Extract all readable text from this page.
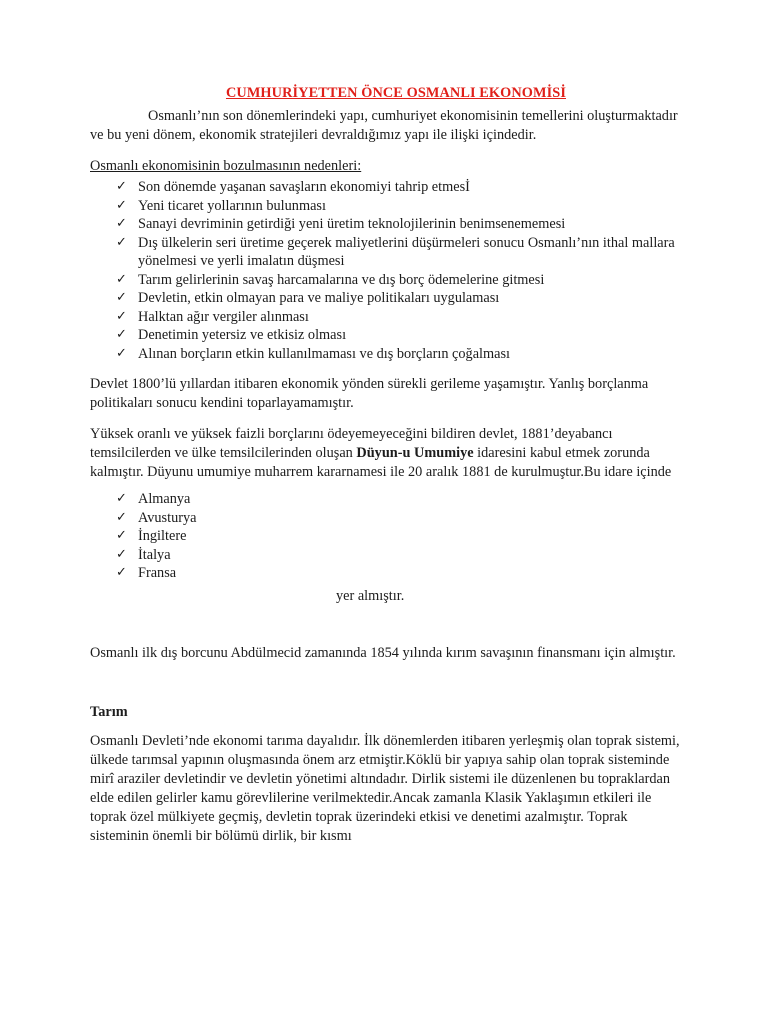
CUMHURİYETTEN ÖNCE OSMANLI EKONOMİSİ

Osmanlı’nın son dönemlerindeki yapı, cumhuriyet ekonomisinin temellerini oluşturmaktadır ve bu yeni dönem, ekonomik stratejileri devraldığımız yapı ile ilişki içindedir.

Osmanlı ekonomisinin bozulmasının nedenleri:

✓ Son dönemde yaşanan savaşların ekonomiyi tahrip etmesİ
✓ Yeni ticaret yollarının bulunması
✓ Sanayi devriminin getirdiği yeni üretim teknolojilerinin benimsenememesi
✓ Dış ülkelerin seri üretime geçerek maliyetlerini düşürmeleri sonucu Osmanlı’nın ithal mallara yönelmesi ve yerli imalatın düşmesi
✓ Tarım gelirlerinin savaş harcamalarına ve dış borç ödemelerine gitmesi
✓ Devletin, etkin olmayan para ve maliye politikaları uygulaması
✓ Halktan ağır vergiler alınması
✓ Denetimin yetersiz ve etkisiz olması
✓ Alınan borçların etkin kullanılmaması ve dış borçların çoğalması

Devlet 1800’lü yıllardan itibaren ekonomik yönden sürekli gerileme yaşamıştır. Yanlış borçlanma politikaları sonucu kendini toparlayamamıştır.

Yüksek oranlı ve yüksek faizli borçlarını ödeyemeyeceğini bildiren devlet, 1881’deyabancı temsilcilerden ve ülke temsilcilerinden oluşan Düyun-u Umumiye idaresini kabul etmek zorunda kalmıştır. Düyunu umumiye muharrem kararnamesi ile 20 aralık 1881 de kurulmuştur.Bu idare içinde

✓ Almanya
✓ Avusturya
✓ İngiltere
✓ İtalya
✓ Fransa

yer almıştır.

Osmanlı ilk dış borcunu Abdülmecid zamanında 1854 yılında kırım savaşının finansmanı için almıştır.

Tarım

Osmanlı Devleti’nde ekonomi tarıma dayalıdır. İlk dönemlerden itibaren yerleşmiş olan toprak sistemi, ülkede tarımsal yapının oluşmasında önem arz etmiştir.Köklü bir yapıya sahip olan toprak sisteminde mirî araziler devletindir ve devletin yönetimi altındadır. Dirlik sistemi ile düzenlenen bu topraklardan elde edilen gelirler kamu görevlilerine verilmektedir.Ancak zamanla Klasik Yaklaşımın etkileri ile toprak özel mülkiyete geçmiş, devletin toprak üzerindeki etkisi ve denetimi azalmıştır. Toprak sisteminin önemli bir bölümü dirlik, bir kısmı
